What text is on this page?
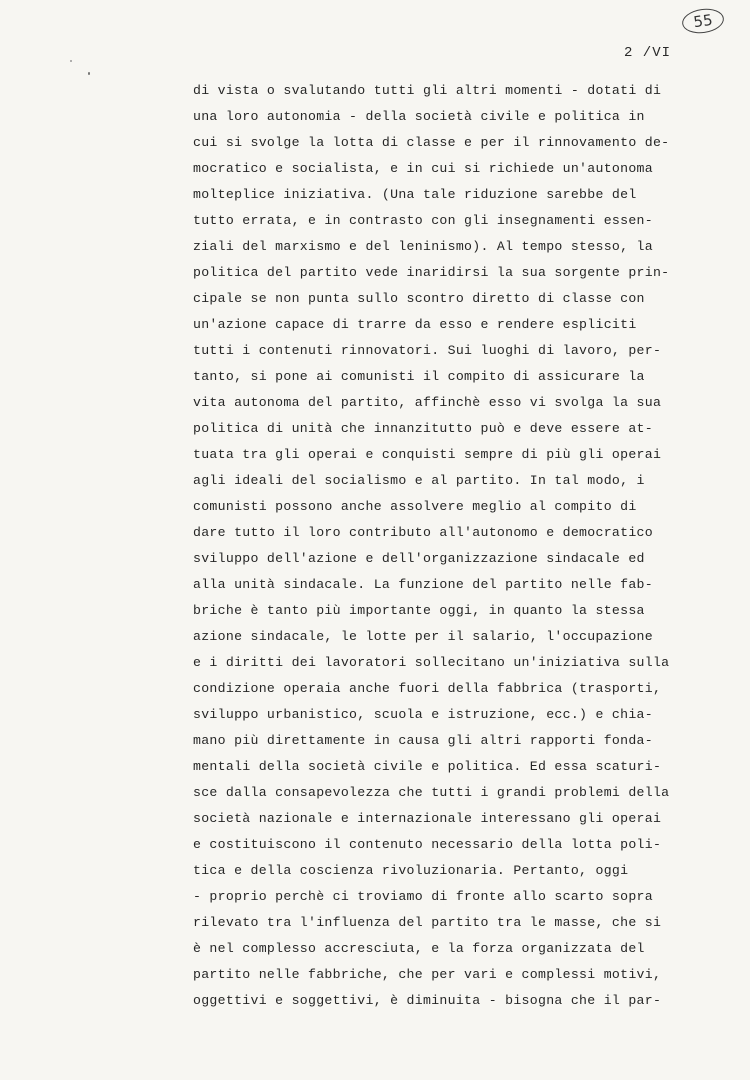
55
2 /VI
di vista o svalutando tutti gli altri momenti - dotati di
una loro autonomia - della società civile e politica in
cui si svolge la lotta di classe e per il rinnovamento de-
mocratico e socialista, e in cui si richiede un'autonoma
molteplice iniziativa. (Una tale riduzione sarebbe del
tutto errata, e in contrasto con gli insegnamenti essen-
ziali del marxismo e del leninismo). Al tempo stesso, la
politica del partito vede inaridirsi la sua sorgente prin-
cipale se non punta sullo scontro diretto di classe con
un'azione capace di trarre da esso e rendere espliciti
tutti i contenuti rinnovatori. Sui luoghi di lavoro, per-
tanto, si pone ai comunisti il compito di assicurare la
vita autonoma del partito, affinchè esso vi svolga la sua
politica di unità che innanzitutto può e deve essere at-
tuata tra gli operai e conquisti sempre di più gli operai
agli ideali del socialismo e al partito. In tal modo, i
comunisti possono anche assolvere meglio al compito di
dare tutto il loro contributo all'autonomo e democratico
sviluppo dell'azione e dell'organizzazione sindacale ed
alla unità sindacale. La funzione del partito nelle fab-
briche è tanto più importante oggi, in quanto la stessa
azione sindacale, le lotte per il salario, l'occupazione
e i diritti dei lavoratori sollecitano un'iniziativa sulla
condizione operaia anche fuori della fabbrica (trasporti,
sviluppo urbanistico, scuola e istruzione, ecc.) e chia-
mano più direttamente in causa gli altri rapporti fonda-
mentali della società civile e politica. Ed essa scaturi-
sce dalla consapevolezza che tutti i grandi problemi della
società nazionale e internazionale interessano gli operai
e costituiscono il contenuto necessario della lotta poli-
tica e della coscienza rivoluzionaria. Pertanto, oggi
- proprio perchè ci troviamo di fronte allo scarto sopra
rilevato tra l'influenza del partito tra le masse, che si
è nel complesso accresciuta, e la forza organizzata del
partito nelle fabbriche, che per vari e complessi motivi,
oggettivi e soggettivi, è diminuita - bisogna che il par-
